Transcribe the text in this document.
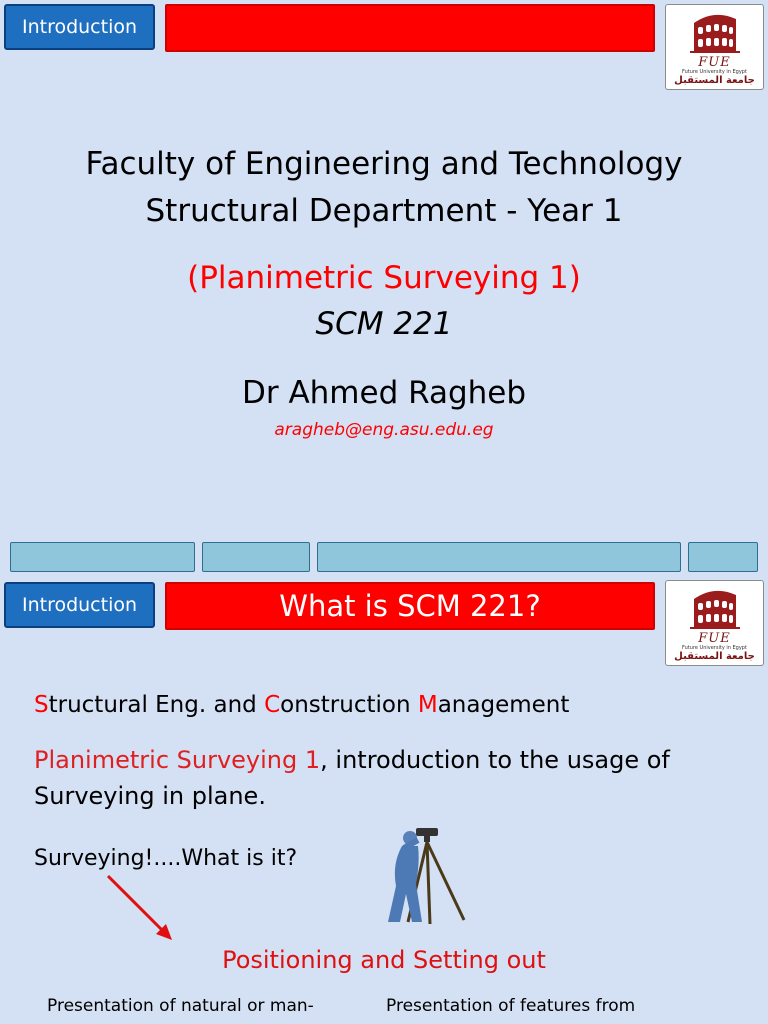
Introduction
FUE
Future University in Egypt
جامعة المستقبل
Faculty of Engineering and Technology
Structural Department - Year 1
(Planimetric Surveying 1)
SCM 221
Dr Ahmed Ragheb
aragheb@eng.asu.edu.eg
Introduction	What is SCM 221?
FUE
Future University in Egypt
جامعة المستقبل
Structural Eng. and Construction Management
Planimetric Surveying 1, introduction to the usage of
Surveying in plane.
Surveying!....What is it?
Positioning and Setting out
Presentation of natural or man-	Presentation of features from
